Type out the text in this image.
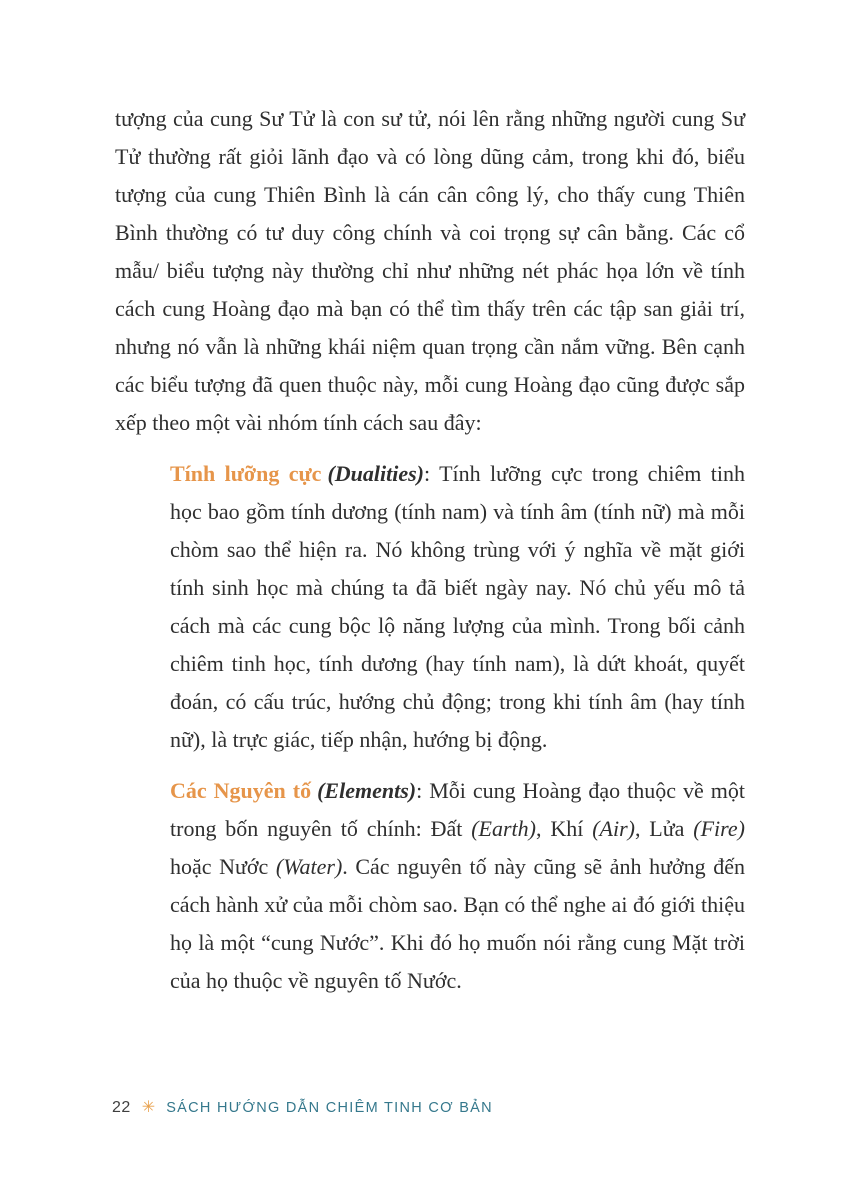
tượng của cung Sư Tử là con sư tử, nói lên rằng những người cung Sư Tử thường rất giỏi lãnh đạo và có lòng dũng cảm, trong khi đó, biểu tượng của cung Thiên Bình là cán cân công lý, cho thấy cung Thiên Bình thường có tư duy công chính và coi trọng sự cân bằng. Các cổ mẫu/ biểu tượng này thường chỉ như những nét phác họa lớn về tính cách cung Hoàng đạo mà bạn có thể tìm thấy trên các tập san giải trí, nhưng nó vẫn là những khái niệm quan trọng cần nắm vững. Bên cạnh các biểu tượng đã quen thuộc này, mỗi cung Hoàng đạo cũng được sắp xếp theo một vài nhóm tính cách sau đây:

Tính lưỡng cực (Dualities): Tính lưỡng cực trong chiêm tinh học bao gồm tính dương (tính nam) và tính âm (tính nữ) mà mỗi chòm sao thể hiện ra. Nó không trùng với ý nghĩa về mặt giới tính sinh học mà chúng ta đã biết ngày nay. Nó chủ yếu mô tả cách mà các cung bộc lộ năng lượng của mình. Trong bối cảnh chiêm tinh học, tính dương (hay tính nam), là dứt khoát, quyết đoán, có cấu trúc, hướng chủ động; trong khi tính âm (hay tính nữ), là trực giác, tiếp nhận, hướng bị động.

Các Nguyên tố (Elements): Mỗi cung Hoàng đạo thuộc về một trong bốn nguyên tố chính: Đất (Earth), Khí (Air), Lửa (Fire) hoặc Nước (Water). Các nguyên tố này cũng sẽ ảnh hưởng đến cách hành xử của mỗi chòm sao. Bạn có thể nghe ai đó giới thiệu họ là một “cung Nước”. Khi đó họ muốn nói rằng cung Mặt trời của họ thuộc về nguyên tố Nước.

22 ✳ SÁCH HƯỚNG DẪN CHIÊM TINH CƠ BẢN
